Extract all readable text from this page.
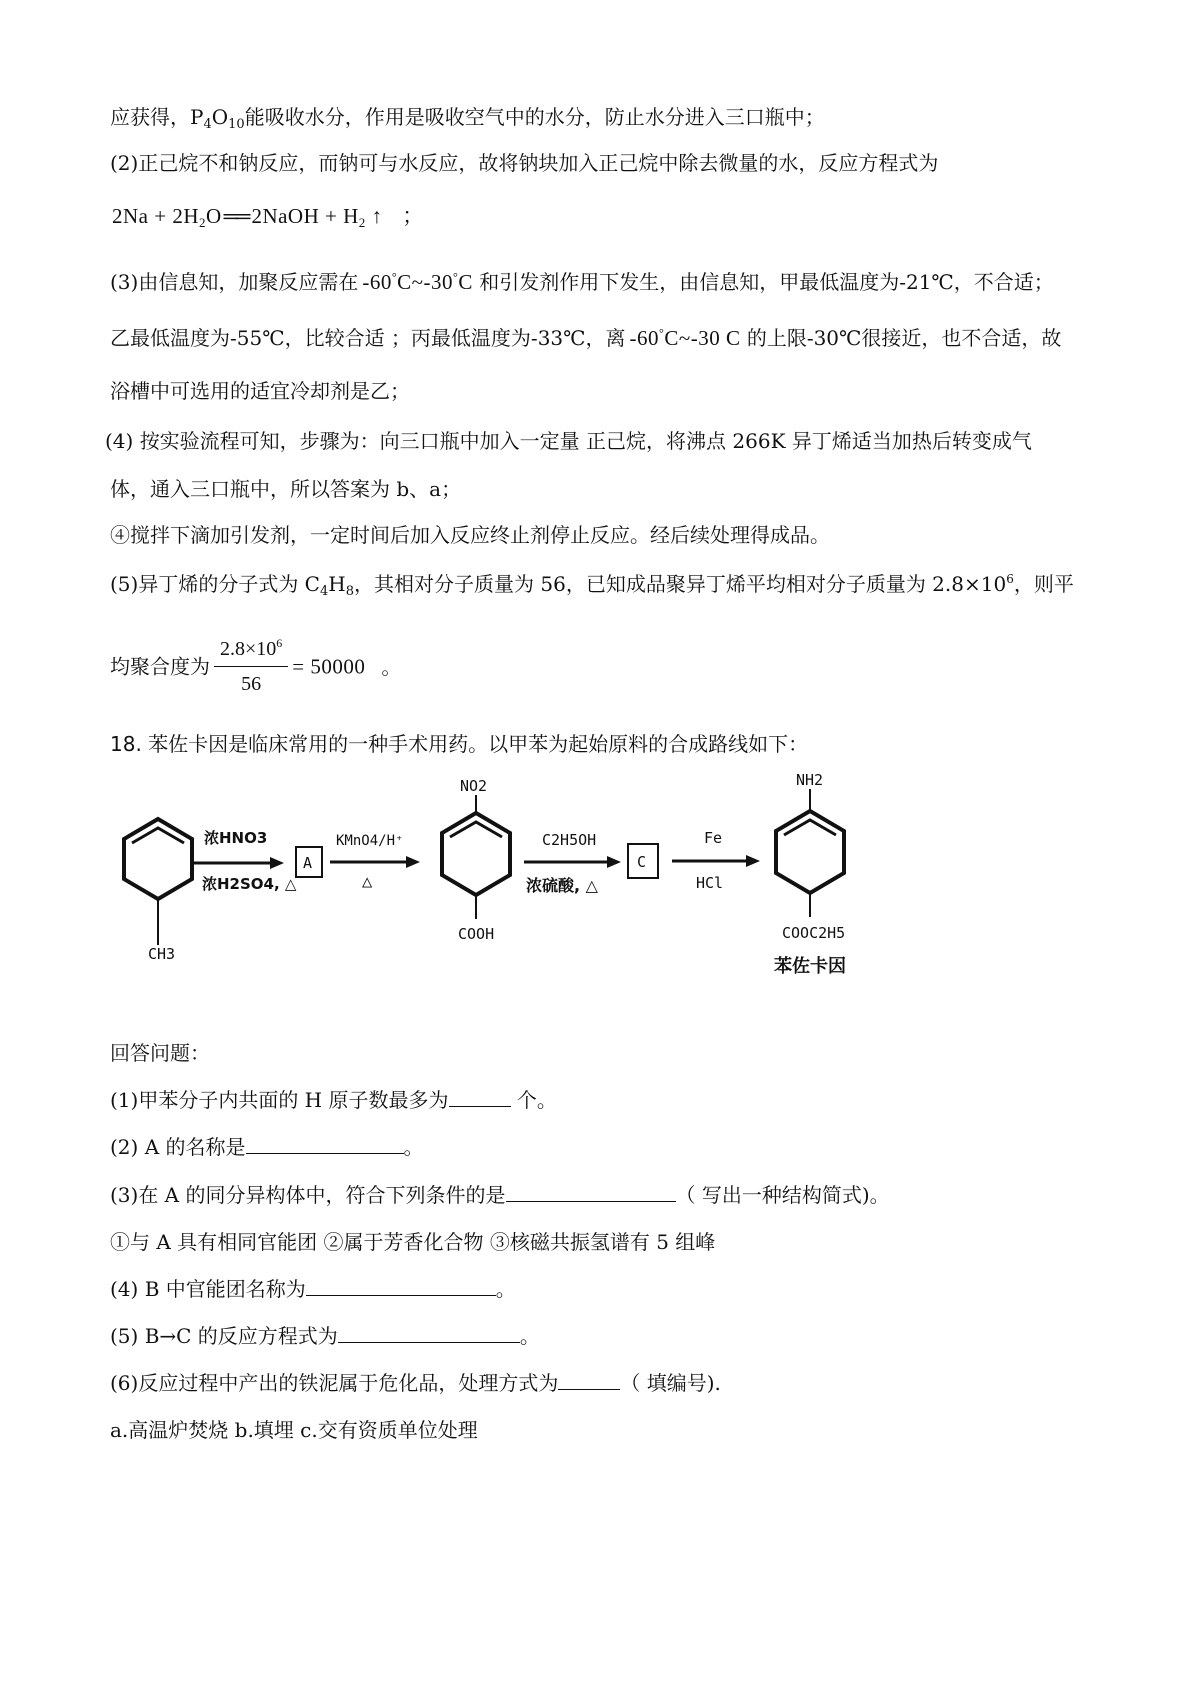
应获得，$P_4O_{10}$能吸收水分，作用是吸收空气中的水分，防止水分进入三口瓶中；
(2)正己烷不和钠反应，而钠可与水反应，故将钠块加入正己烷中除去微量的水，反应方程式为
$2Na + 2H_2O══$ 2NaOH + $H_2$ ↑ ；
(3)由信息知，加聚反应需在 -60°C~-30°C 和引发剂作用下发生，由信息知，甲最低温度为-21℃，不合适；
乙最低温度为-55℃，比较合适 ；丙最低温度为-33℃，离 -60°C~-30 C 的上限-30℃很接近，也不合适，故
浴槽中可选用的适宜冷却剂是乙；
(4) 按实验流程可知，步骤为：向三口瓶中加入一定量 正己烷，将沸点 266K 异丁烯适当加热后转变成气
体，通入三口瓶中，所以答案为 b、a；
④搅拌下滴加引发剂，一定时间后加入反应终止剂停止反应。经后续处理得成品。
(5)异丁烯的分子式为 $C_4H_8$，其相对分子质量为 56，已知成品聚异丁烯平均相对分子质量为 $2.8\times 10^6$，则平
均聚合度为 $\frac{2.8\times 10^6}{56} = 50000$ 。
18. 苯佐卡因是临床常用的一种手术用药。以甲苯为起始原料的合成路线如下：
CH3
浓HNO3
浓H2SO4, △
A
KMnO4/H⁺
△
NO2
COOH
C2H5OH
浓硫酸, △
C
Fe
HCl
NH2
COOC2H5
苯佐卡因
回答问题：
(1)甲苯分子内共面的 H 原子数最多为	个。
(2) A 的名称是	。
(3)在 A 的同分异构体中，符合下列条件的是	（ 写出一种结构简式)。
①与 A 具有相同官能团 ②属于芳香化合物 ③核磁共振氢谱有 5 组峰
(4) B 中官能团名称为	。
(5) B→C 的反应方程式为	。
(6)反应过程中产出的铁泥属于危化品，处理方式为	（ 填编号).
a.高温炉焚烧 b.填埋 c.交有资质单位处理
